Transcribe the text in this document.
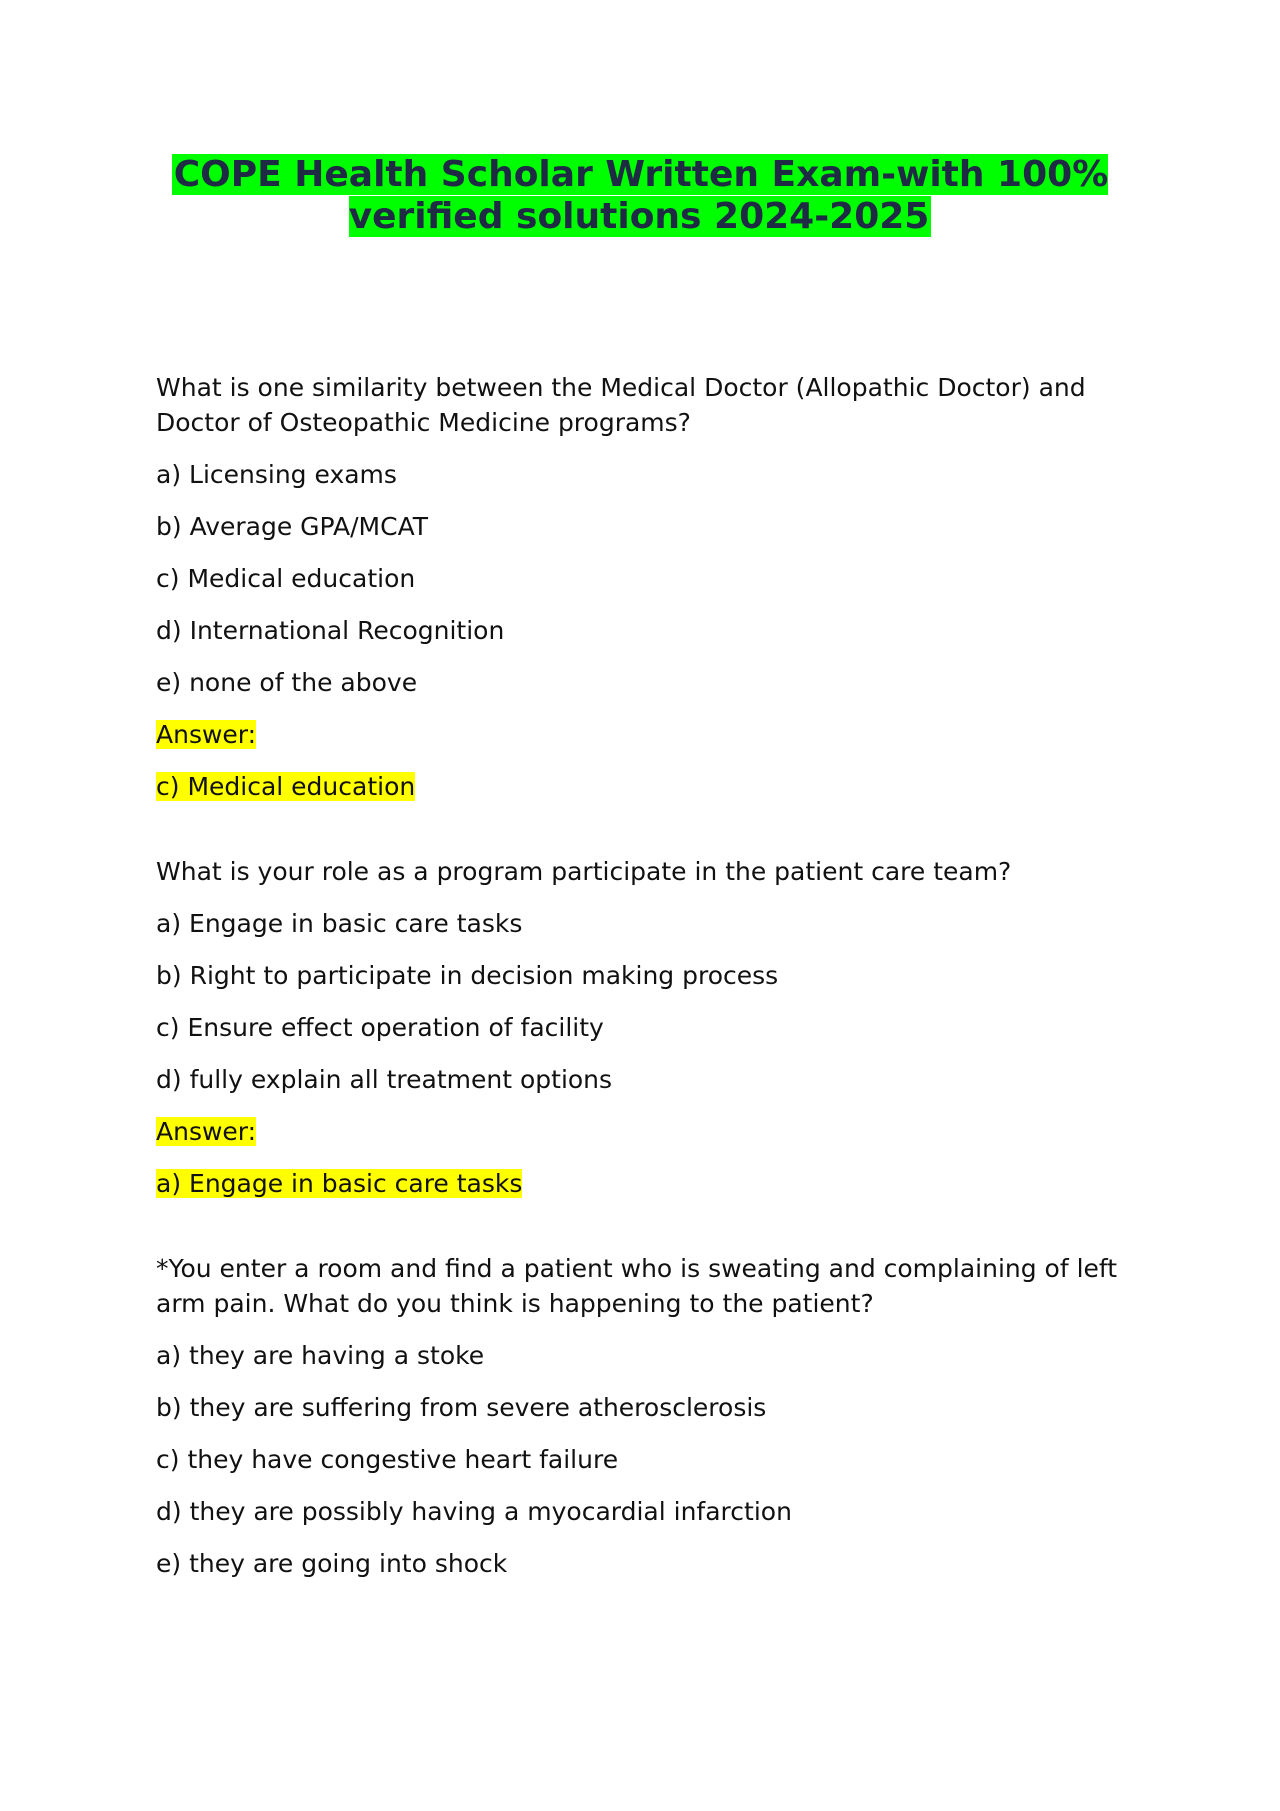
COPE Health Scholar Written Exam-with 100% verified solutions 2024-2025
What is one similarity between the Medical Doctor (Allopathic Doctor) and Doctor of Osteopathic Medicine programs?
a) Licensing exams
b) Average GPA/MCAT
c) Medical education
d) International Recognition
e) none of the above
Answer:
c) Medical education
What is your role as a program participate in the patient care team?
a) Engage in basic care tasks
b) Right to participate in decision making process
c) Ensure effect operation of facility
d) fully explain all treatment options
Answer:
a) Engage in basic care tasks
*You enter a room and find a patient who is sweating and complaining of left arm pain. What do you think is happening to the patient?
a) they are having a stoke
b) they are suffering from severe atherosclerosis
c) they have congestive heart failure
d) they are possibly having a myocardial infarction
e) they are going into shock
